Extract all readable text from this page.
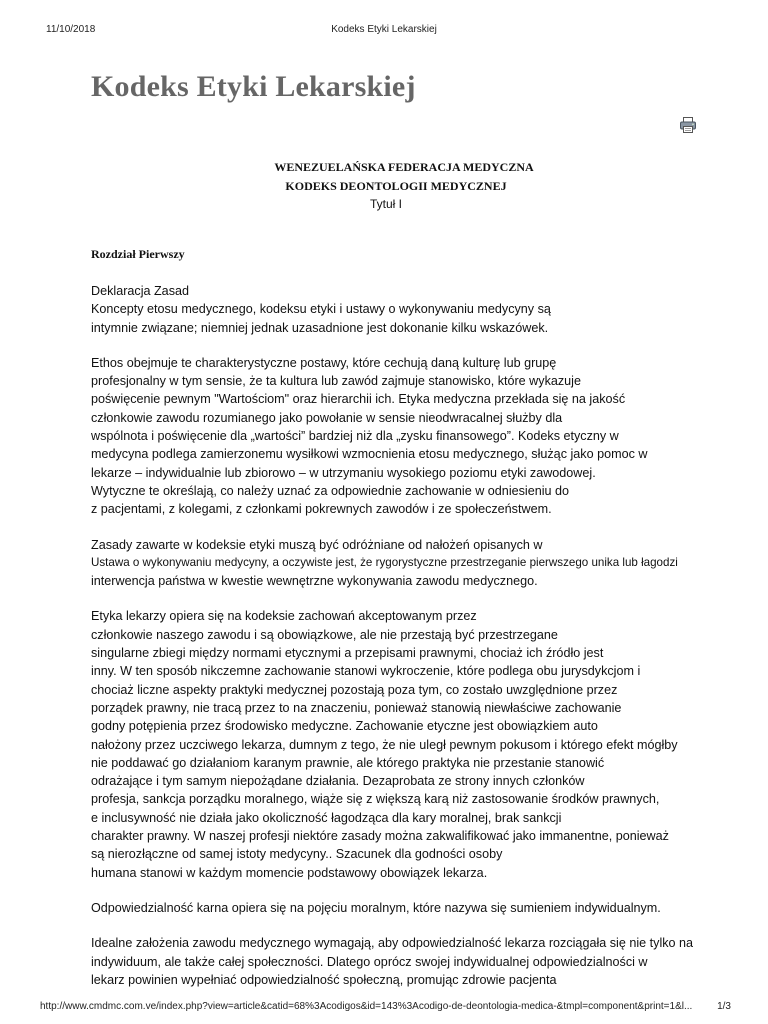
11/10/2018	Kodeks Etyki Lekarskiej
Kodeks Etyki Lekarskiej
WENEZUELAŃSKA FEDERACJA MEDYCZNA
KODEKS DEONTOLOGII MEDYCZNEJ
Tytuł I
Rozdział Pierwszy

Deklaracja Zasad
Koncepty etosu medycznego, kodeksu etyki i ustawy o wykonywaniu medycyny są
intymnie związane; niemniej jednak uzasadnione jest dokonanie kilku wskazówek.

Ethos obejmuje te charakterystyczne postawy, które cechują daną kulturę lub grupę
profesjonalny w tym sensie, że ta kultura lub zawód zajmuje stanowisko, które wykazuje
poświęcenie pewnym "Wartościom" oraz hierarchii ich. Etyka medyczna przekłada się na jakość
członkowie zawodu rozumianego jako powołanie w sensie nieodwracalnej służby dla
wspólnota i poświęcenie dla „wartości” bardziej niż dla „zysku finansowego”. Kodeks etyczny w
medycyna podlega zamierzonemu wysiłkowi wzmocnienia etosu medycznego, służąc jako pomoc w
lekarze – indywidualnie lub zbiorowo – w utrzymaniu wysokiego poziomu etyki zawodowej.
Wytyczne te określają, co należy uznać za odpowiednie zachowanie w odniesieniu do
z pacjentami, z kolegami, z członkami pokrewnych zawodów i ze społeczeństwem.

Zasady zawarte w kodeksie etyki muszą być odróżniane od nałożeń opisanych w
Ustawa o wykonywaniu medycyny, a oczywiste jest, że rygorystyczne przestrzeganie pierwszego unika lub łagodzi
interwencja państwa w kwestie wewnętrzne wykonywania zawodu medycznego.

Etyka lekarzy opiera się na kodeksie zachowań akceptowanym przez
członkowie naszego zawodu i są obowiązkowe, ale nie przestają być przestrzegane
singularne zbiegi między normami etycznymi a przepisami prawnymi, chociaż ich źródło jest
inny. W ten sposób nikczemne zachowanie stanowi wykroczenie, które podlega obu jurysdykcjom i
chociaż liczne aspekty praktyki medycznej pozostają poza tym, co zostało uwzględnione przez
porządek prawny, nie tracą przez to na znaczeniu, ponieważ stanowią niewłaściwe zachowanie
godny potępienia przez środowisko medyczne. Zachowanie etyczne jest obowiązkiem auto
nałożony przez uczciwego lekarza, dumnym z tego, że nie uległ pewnym pokusom i którego efekt mógłby
nie poddawać go działaniom karanym prawnie, ale którego praktyka nie przestanie stanowić
odrażające i tym samym niepożądane działania. Dezaprobata ze strony innych członków
profesja, sankcja porządku moralnego, wiąże się z większą karą niż zastosowanie środków prawnych,
e inclusywność nie działa jako okoliczność łagodząca dla kary moralnej, brak sankcji
charakter prawny. W naszej profesji niektóre zasady można zakwalifikować jako immanentne, ponieważ
są nierozłączne od samej istoty medycyny.. Szacunek dla godności osoby
humana stanowi w każdym momencie podstawowy obowiązek lekarza.

Odpowiedzialność karna opiera się na pojęciu moralnym, które nazywa się sumieniem indywidualnym.

Idealne założenia zawodu medycznego wymagają, aby odpowiedzialność lekarza rozciągała się nie tylko na
indywiduum, ale także całej społeczności. Dlatego oprócz swojej indywidualnej odpowiedzialności w
lekarz powinien wypełniać odpowiedzialność społeczną, promując zdrowie pacjenta

http://www.cmdmc.com.ve/index.php?view=article&catid=68%3Acodigos&id=143%3Acodigo-de-deontologia-medica-&tmpl=component&print=1&l... 1/3
